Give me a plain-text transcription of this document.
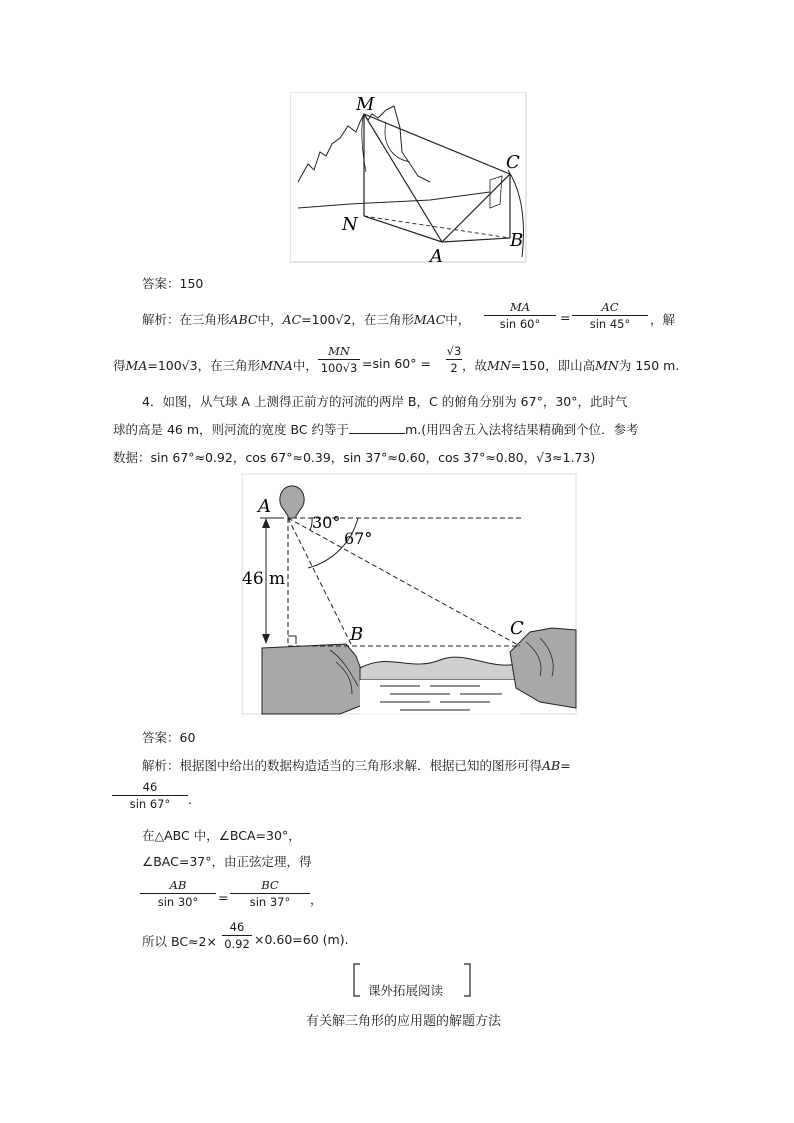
M
C
N
B
A
答案：150
解析：在三角形ABC中，AC=100√2，在三角形MAC中，
MA
sin 60°	=
AC
sin 45°	，解
得MA=100√3，在三角形MNA中，
MN
100√3 =sin 60° =
√3
2 ，故MN=150，即山高MN为 150 m.
4．如图，从气球 A 上测得正前方的河流的两岸 B，C 的俯角分别为 67°，30°，此时气
球的高是 46 m，则河流的宽度 BC 约等于	m.(用四舍五入法将结果精确到个位．参考
数据：sin 67°≈0.92，cos 67°≈0.39，sin 37°≈0.60，cos 37°≈0.80，√3≈1.73)
A
30°
67°
46 m
B	C
答案：60
解析：根据图中给出的数据构造适当的三角形求解．根据已知的图形可得AB=
46
sin 67°	.
在△ABC 中，∠BCA=30°，
∠BAC=37°，由正弦定理，得
AB
sin 30°	=
BC
sin 37°	，
所以 BC≈2×
46
0.92 ×0.60=60 (m).
课外拓展阅读
有关解三角形的应用题的解题方法
